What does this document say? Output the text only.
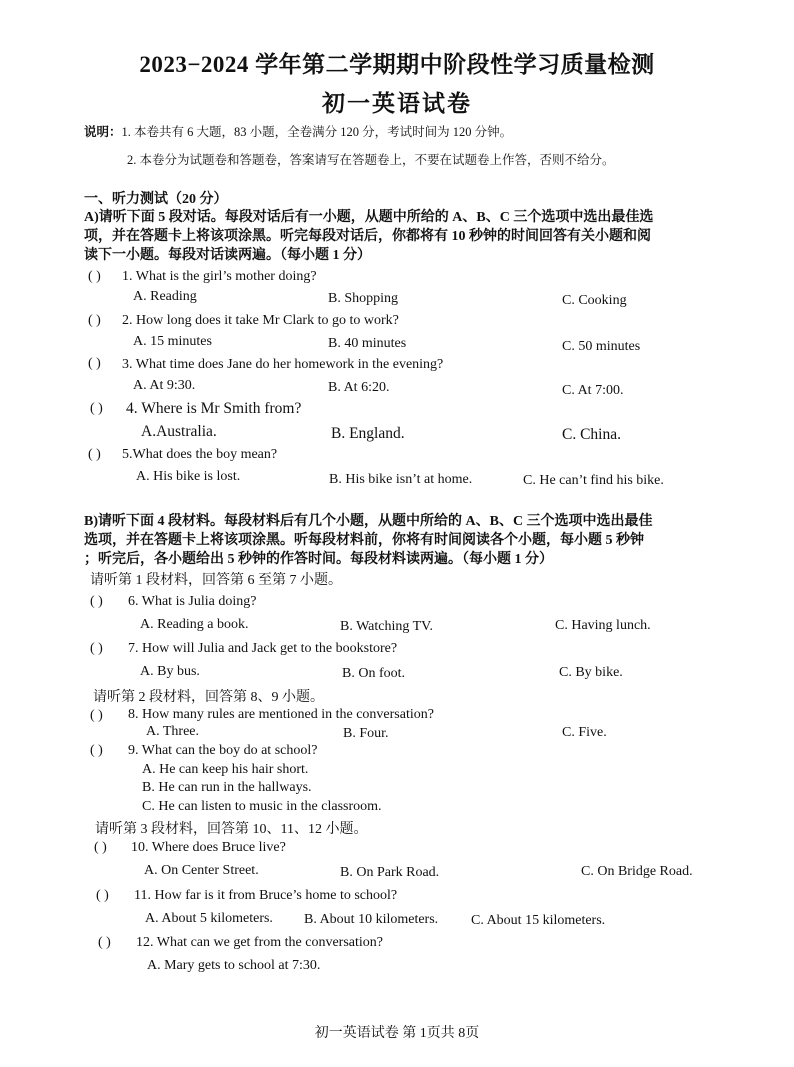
2023−2024 学年第二学期期中阶段性学习质量检测
初一英语试卷
说明：1. 本卷共有 6 大题，83 小题，全卷满分 120 分，考试时间为 120 分钟。
2. 本卷分为试题卷和答题卷，答案请写在答题卷上，不要在试题卷上作答，否则不给分。
一、听力测试（20 分）
A)请听下面 5 段对话。每段对话后有一小题，从题中所给的 A、B、C 三个选项中选出最佳选
项，并在答题卡上将该项涂黑。听完每段对话后，你都将有 10 秒钟的时间回答有关小题和阅
读下一小题。每段对话读两遍。（每小题 1 分）
( ) 1. What is the girl’s mother doing?
A. Reading	B. Shopping	C. Cooking
( ) 2. How long does it take Mr Clark to go to work?
A. 15 minutes	B. 40 minutes	C. 50 minutes
( ) 3. What time does Jane do her homework in the evening?
A. At 9:30.	B. At 6:20.	C. At 7:00.
( ) 4. Where is Mr Smith from?
A.Australia.	B. England.	C. China.
( ) 5.What does the boy mean?
A. His bike is lost.	B. His bike isn’t at home.	C. He can’t find his bike.
B)请听下面 4 段材料。每段材料后有几个小题，从题中所给的 A、B、C 三个选项中选出最佳
选项，并在答题卡上将该项涂黑。听每段材料前，你将有时间阅读各个小题，每小题 5 秒钟
；听完后，各小题给出 5 秒钟的作答时间。每段材料读两遍。（每小题 1 分）
请听第 1 段材料，回答第 6 至第 7 小题。
( ) 6. What is Julia doing?
A. Reading a book.	B. Watching TV.	C. Having lunch.
( ) 7. How will Julia and Jack get to the bookstore?
A. By bus.	B. On foot.	C. By bike.
请听第 2 段材料，回答第 8、9 小题。
( ) 8. How many rules are mentioned in the conversation?
A. Three.	B. Four.	C. Five.
( ) 9. What can the boy do at school?
A. He can keep his hair short.
B. He can run in the hallways.
C. He can listen to music in the classroom.
请听第 3 段材料，回答第 10、11、12 小题。
( ) 10. Where does Bruce live?
A. On Center Street.	B. On Park Road.	C. On Bridge Road.
( ) 11. How far is it from Bruce’s home to school?
A. About 5 kilometers. B. About 10 kilometers. C. About 15 kilometers.
( ) 12. What can we get from the conversation?
A. Mary gets to school at 7:30.
初一英语试卷 第 1页共 8页
